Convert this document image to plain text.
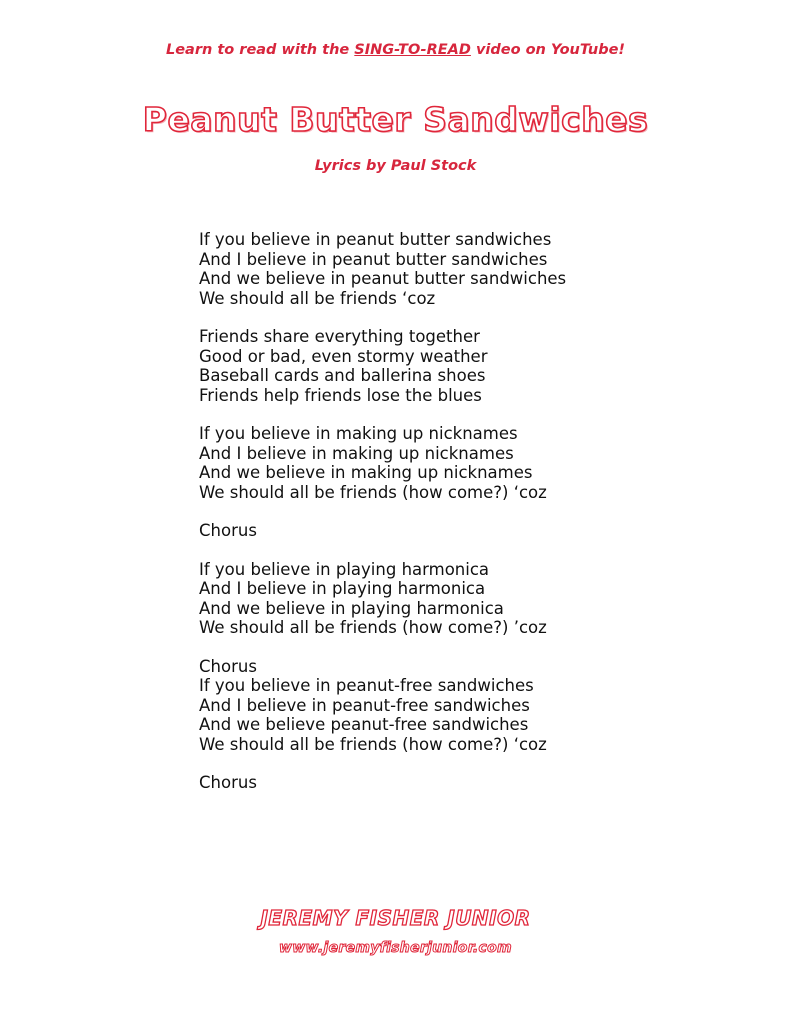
Learn to read with the SING-TO-READ video on YouTube!
Peanut Butter Sandwiches
Lyrics by Paul Stock
If you believe in peanut butter sandwiches
And I believe in peanut butter sandwiches
And we believe in peanut butter sandwiches
We should all be friends ‘coz
Friends share everything together
Good or bad, even stormy weather
Baseball cards and ballerina shoes
Friends help friends lose the blues
If you believe in making up nicknames
And I believe in making up nicknames
And we believe in making up nicknames
We should all be friends (how come?) ‘coz
Chorus
If you believe in playing harmonica
And I believe in playing harmonica
And we believe in playing harmonica
We should all be friends (how come?) ’coz
Chorus
If you believe in peanut-free sandwiches
And I believe in peanut-free sandwiches
And we believe peanut-free sandwiches
We should all be friends (how come?) ‘coz
Chorus
JEREMY FISHER JUNIOR
www.jeremyfisherjunior.com
